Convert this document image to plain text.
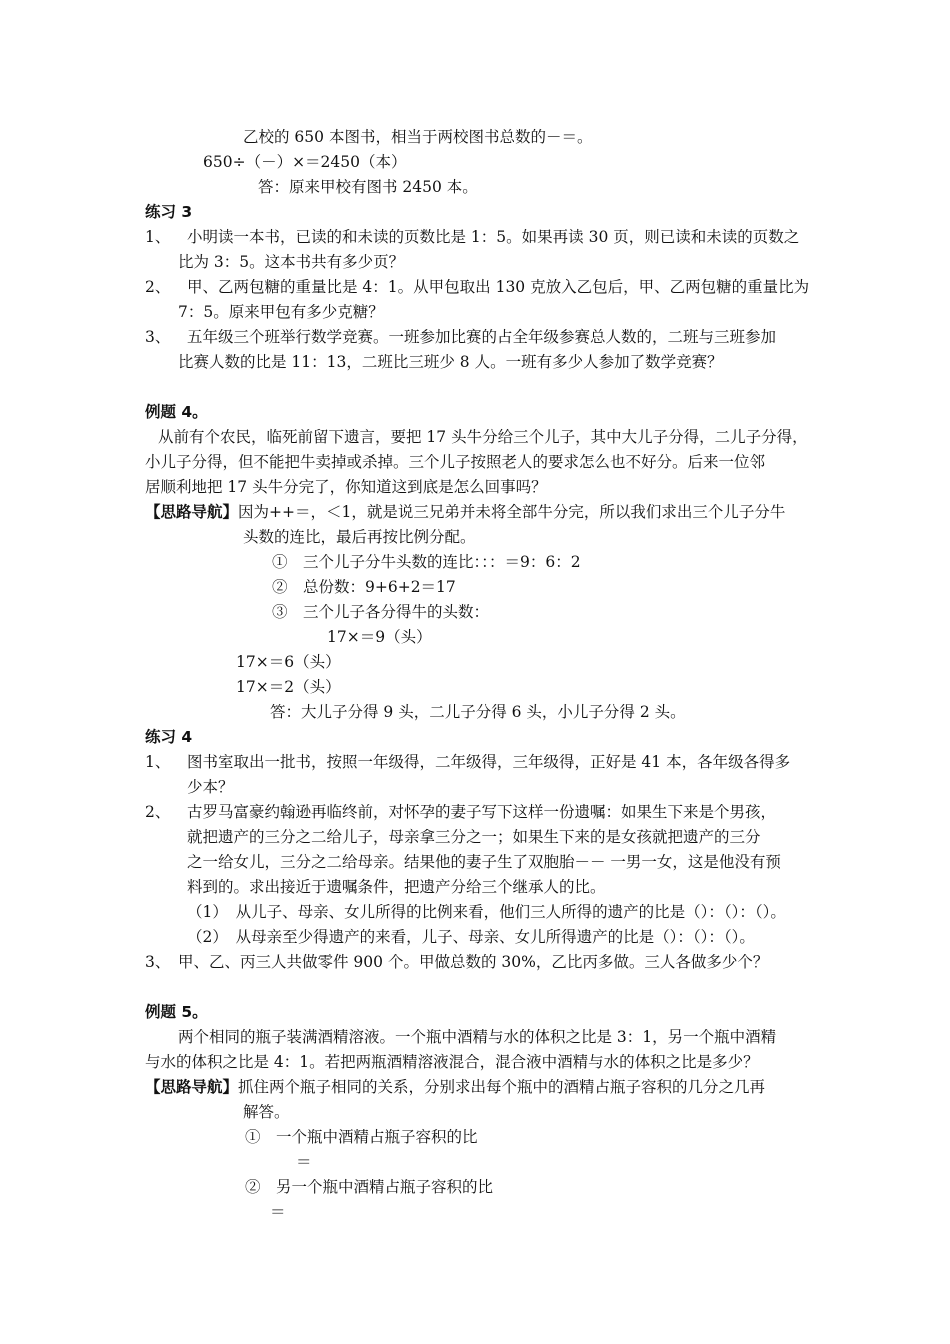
乙校的 650 本图书，相当于两校图书总数的－＝。
650÷（－）×＝2450（本）
答：原来甲校有图书 2450 本。
练习 3
1、 小明读一本书，已读的和未读的页数比是 1：5。如果再读 30 页，则已读和未读的页数之
比为 3：5。这本书共有多少页？
2、 甲、乙两包糖的重量比是 4：1。从甲包取出 130 克放入乙包后，甲、乙两包糖的重量比为
7：5。原来甲包有多少克糖？
3、 五年级三个班举行数学竞赛。一班参加比赛的占全年级参赛总人数的，二班与三班参加
比赛人数的比是 11：13，二班比三班少 8 人。一班有多少人参加了数学竞赛？
例题 4。
从前有个农民，临死前留下遗言，要把 17 头牛分给三个儿子，其中大儿子分得，二儿子分得，
小儿子分得，但不能把牛卖掉或杀掉。三个儿子按照老人的要求怎么也不好分。后来一位邻
居顺利地把 17 头牛分完了，你知道这到底是怎么回事吗？
【思路导航】因为++＝，＜1，就是说三兄弟并未将全部牛分完，所以我们求出三个儿子分牛
头数的连比，最后再按比例分配。
①　三个儿子分牛头数的连比：：：＝9：6：2
②　总份数：9+6+2＝17
③　三个儿子各分得牛的头数：
17×＝9（头）
17×＝6（头）
17×＝2（头）
答：大儿子分得 9 头，二儿子分得 6 头，小儿子分得 2 头。
练习 4
1、 图书室取出一批书，按照一年级得，二年级得，三年级得，正好是 41 本，各年级各得多
少本？
2、 古罗马富豪约翰逊再临终前，对怀孕的妻子写下这样一份遗嘱：如果生下来是个男孩，
就把遗产的三分之二给儿子，母亲拿三分之一；如果生下来的是女孩就把遗产的三分
之一给女儿，三分之二给母亲。结果他的妻子生了双胞胎－－ 一男一女，这是他没有预
料到的。求出接近于遗嘱条件，把遗产分给三个继承人的比。
（1）　从儿子、母亲、女儿所得的比例来看，他们三人所得的遗产的比是（）：（）：（）。
（2）　从母亲至少得遗产的来看，儿子、母亲、女儿所得遗产的比是（）：（）：（）。
3、 甲、乙、丙三人共做零件 900 个。甲做总数的 30%，乙比丙多做。三人各做多少个？
例题 5。
两个相同的瓶子装满酒精溶液。一个瓶中酒精与水的体积之比是 3：1，另一个瓶中酒精
与水的体积之比是 4：1。若把两瓶酒精溶液混合，混合液中酒精与水的体积之比是多少？
【思路导航】抓住两个瓶子相同的关系，分别求出每个瓶中的酒精占瓶子容积的几分之几再
解答。
①　一个瓶中酒精占瓶子容积的比
＝
②　另一个瓶中酒精占瓶子容积的比
＝
